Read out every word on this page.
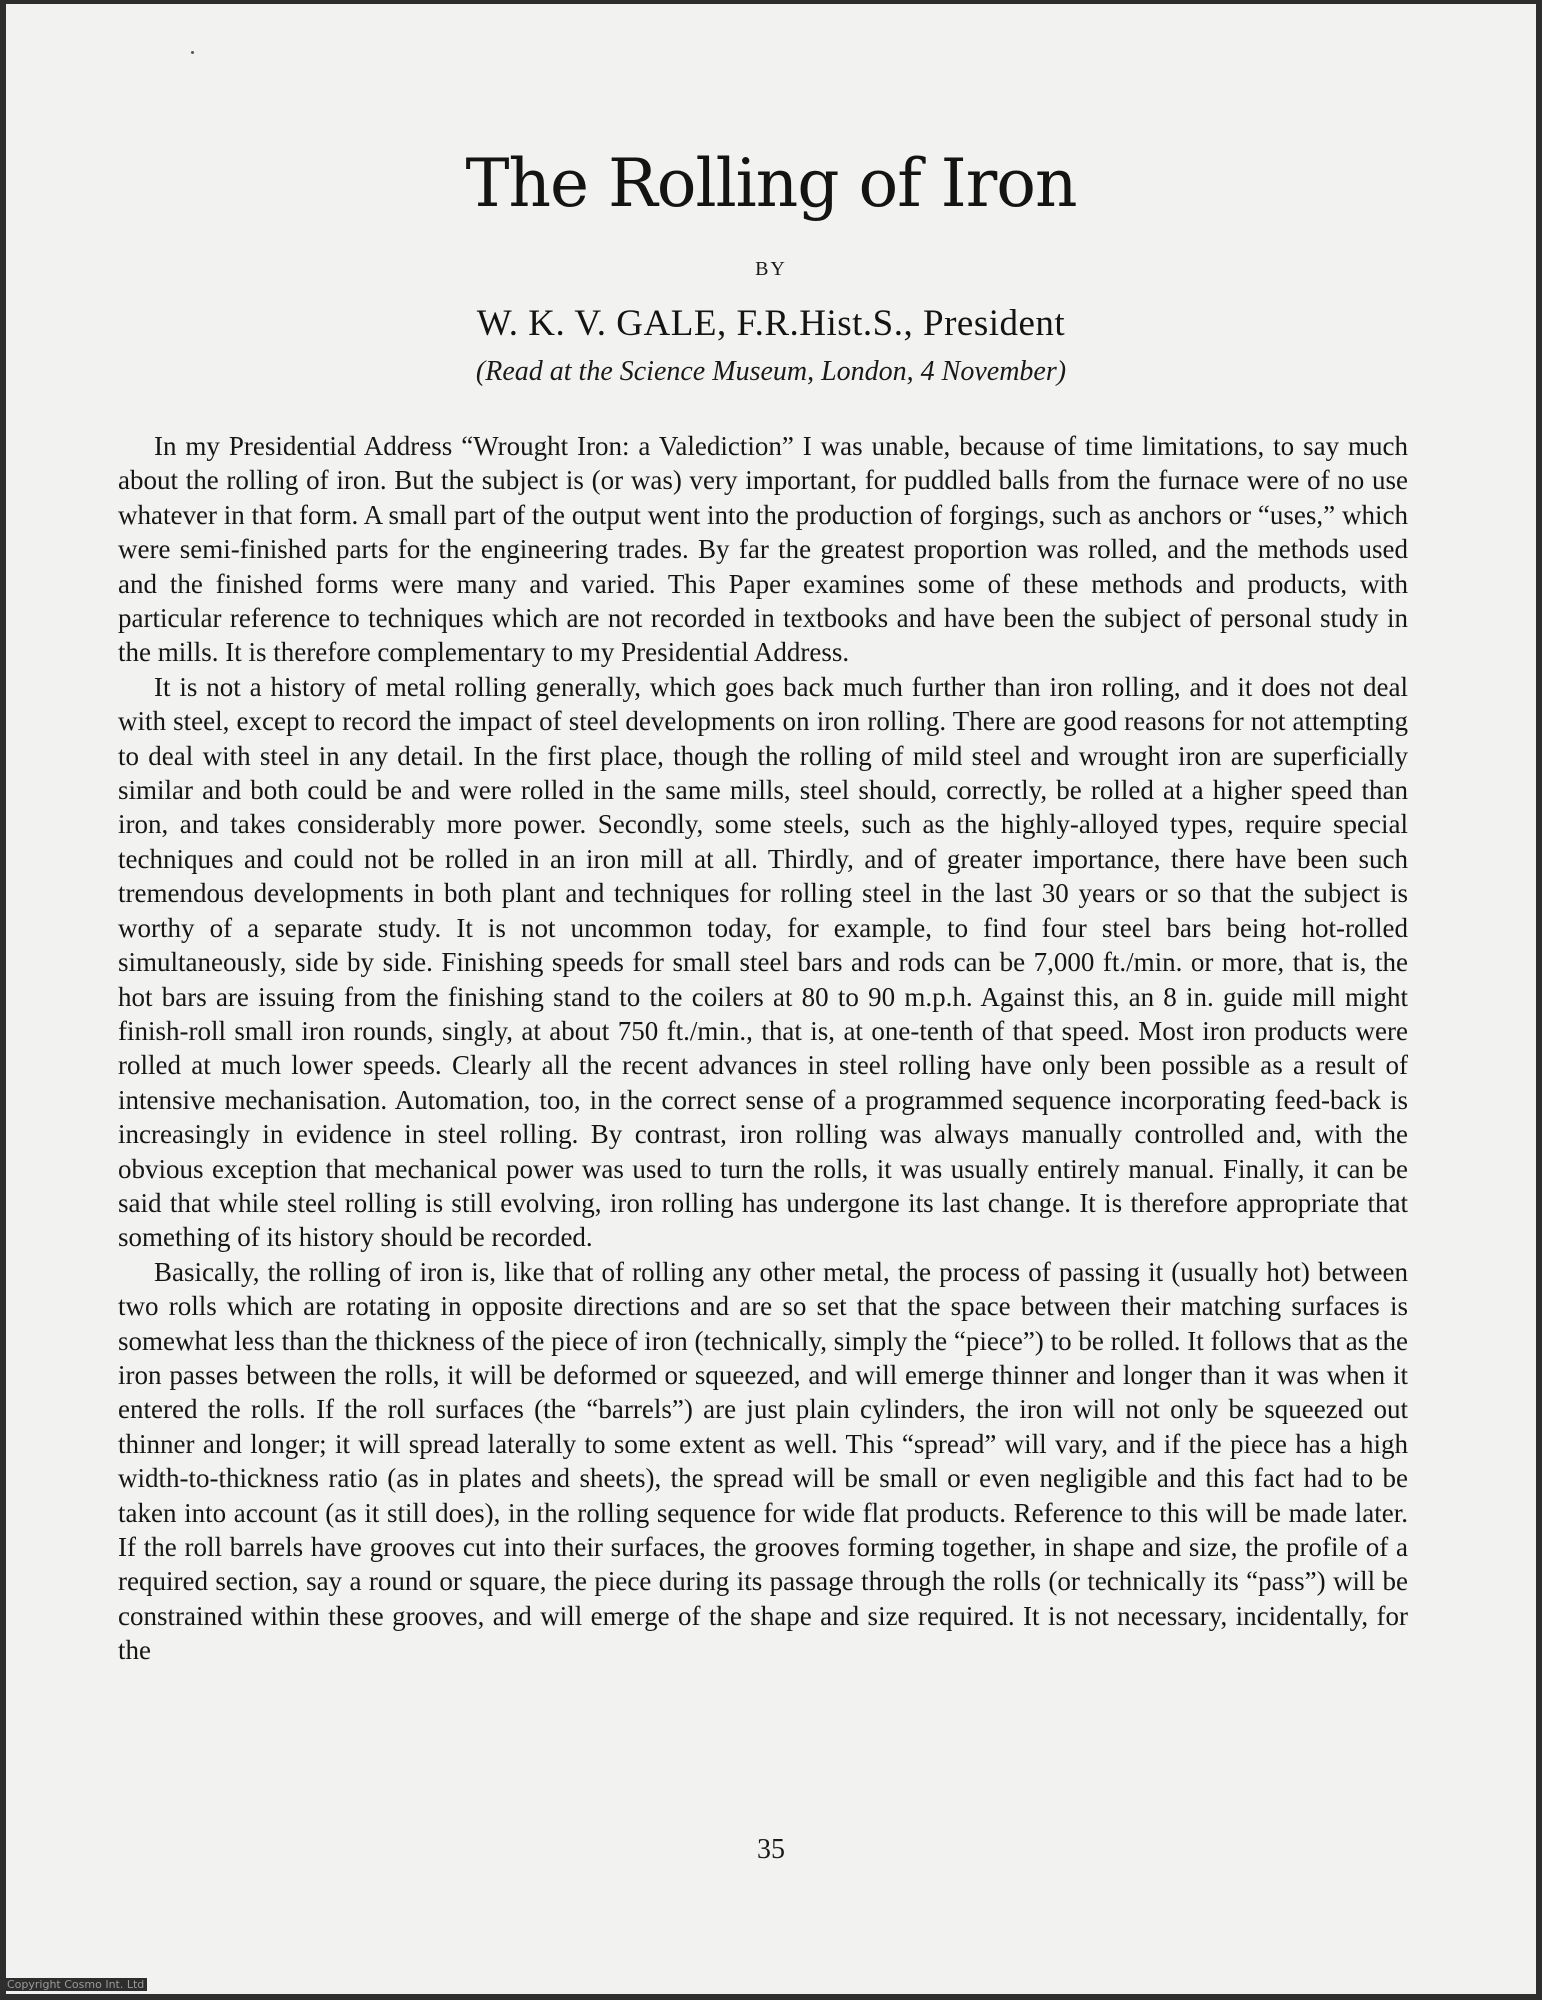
The Rolling of Iron
BY
W. K. V. GALE, F.R.Hist.S., President
(Read at the Science Museum, London, 4 November)

In my Presidential Address “Wrought Iron: a Valediction” I was unable, because of time limitations, to say much about the rolling of iron. But the subject is (or was) very important, for puddled balls from the furnace were of no use whatever in that form. A small part of the output went into the production of forgings, such as anchors or “uses,” which were semi-finished parts for the engineering trades. By far the greatest proportion was rolled, and the methods used and the finished forms were many and varied. This Paper examines some of these methods and products, with particular reference to techniques which are not recorded in textbooks and have been the subject of personal study in the mills. It is therefore complementary to my Presidential Address.

It is not a history of metal rolling generally, which goes back much further than iron rolling, and it does not deal with steel, except to record the impact of steel developments on iron rolling. There are good reasons for not attempting to deal with steel in any detail. In the first place, though the rolling of mild steel and wrought iron are superficially similar and both could be and were rolled in the same mills, steel should, correctly, be rolled at a higher speed than iron, and takes considerably more power. Secondly, some steels, such as the highly-alloyed types, require special techniques and could not be rolled in an iron mill at all. Thirdly, and of greater importance, there have been such tremendous developments in both plant and techniques for rolling steel in the last 30 years or so that the subject is worthy of a separate study. It is not uncommon today, for example, to find four steel bars being hot-rolled simultaneously, side by side. Finishing speeds for small steel bars and rods can be 7,000 ft./min. or more, that is, the hot bars are issuing from the finishing stand to the coilers at 80 to 90 m.p.h. Against this, an 8 in. guide mill might finish-roll small iron rounds, singly, at about 750 ft./min., that is, at one-tenth of that speed. Most iron products were rolled at much lower speeds. Clearly all the recent advances in steel rolling have only been possible as a result of intensive mechanisation. Automation, too, in the correct sense of a programmed sequence incorporating feed-back is increasingly in evidence in steel rolling. By contrast, iron rolling was always manually controlled and, with the obvious exception that mechanical power was used to turn the rolls, it was usually entirely manual. Finally, it can be said that while steel rolling is still evolving, iron rolling has undergone its last change. It is therefore appropriate that something of its history should be recorded.

Basically, the rolling of iron is, like that of rolling any other metal, the process of passing it (usually hot) between two rolls which are rotating in opposite directions and are so set that the space between their matching surfaces is somewhat less than the thickness of the piece of iron (technically, simply the “piece”) to be rolled. It follows that as the iron passes between the rolls, it will be deformed or squeezed, and will emerge thinner and longer than it was when it entered the rolls. If the roll surfaces (the “barrels”) are just plain cylinders, the iron will not only be squeezed out thinner and longer; it will spread laterally to some extent as well. This “spread” will vary, and if the piece has a high width-to-thickness ratio (as in plates and sheets), the spread will be small or even negligible and this fact had to be taken into account (as it still does), in the rolling sequence for wide flat products. Reference to this will be made later. If the roll barrels have grooves cut into their surfaces, the grooves forming together, in shape and size, the profile of a required section, say a round or square, the piece during its passage through the rolls (or technically its “pass”) will be constrained within these grooves, and will emerge of the shape and size required. It is not necessary, incidentally, for the

35
Copyright Cosmo Int. Ltd
